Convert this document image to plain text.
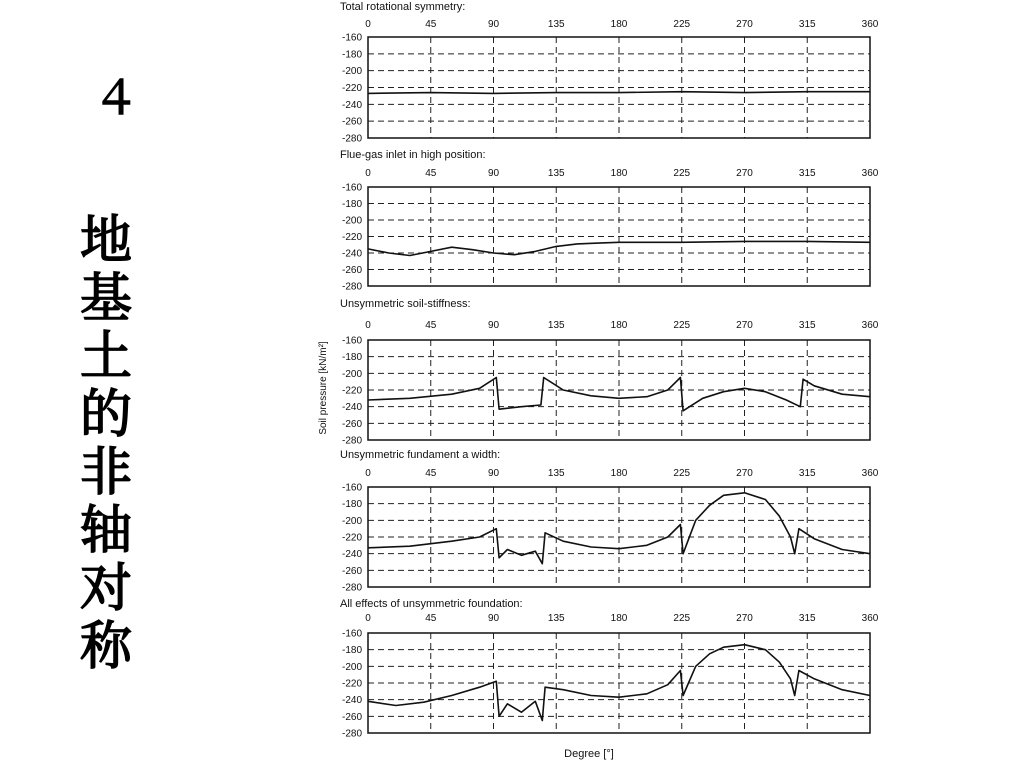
４
地
基
土
的
非
轴
对
称
Total rotational symmetry:
0	45	90	135	180	225	270	315	360
-160
-180
-200
-220
-240
-260
-280
Flue-gas inlet in high position:
0	45	90	135	180	225	270	315	360
-160
-180
-200
-220
-240
-260
-280
Unsymmetric soil-stiffness:
0	45	90	135	180	225	270	315	360
-160
-180
-200
-220
-240
-260
-280
Unsymmetric fundament a width:
0	45	90	135	180	225	270	315	360
-160
-180
-200
-220
-240
-260
-280
All effects of unsymmetric foundation:
0	45	90	135	180	225	270	315	360
-160
-180
-200
-220
-240
-260
-280
Degree [°]
Soil pressure [kN/m²]
